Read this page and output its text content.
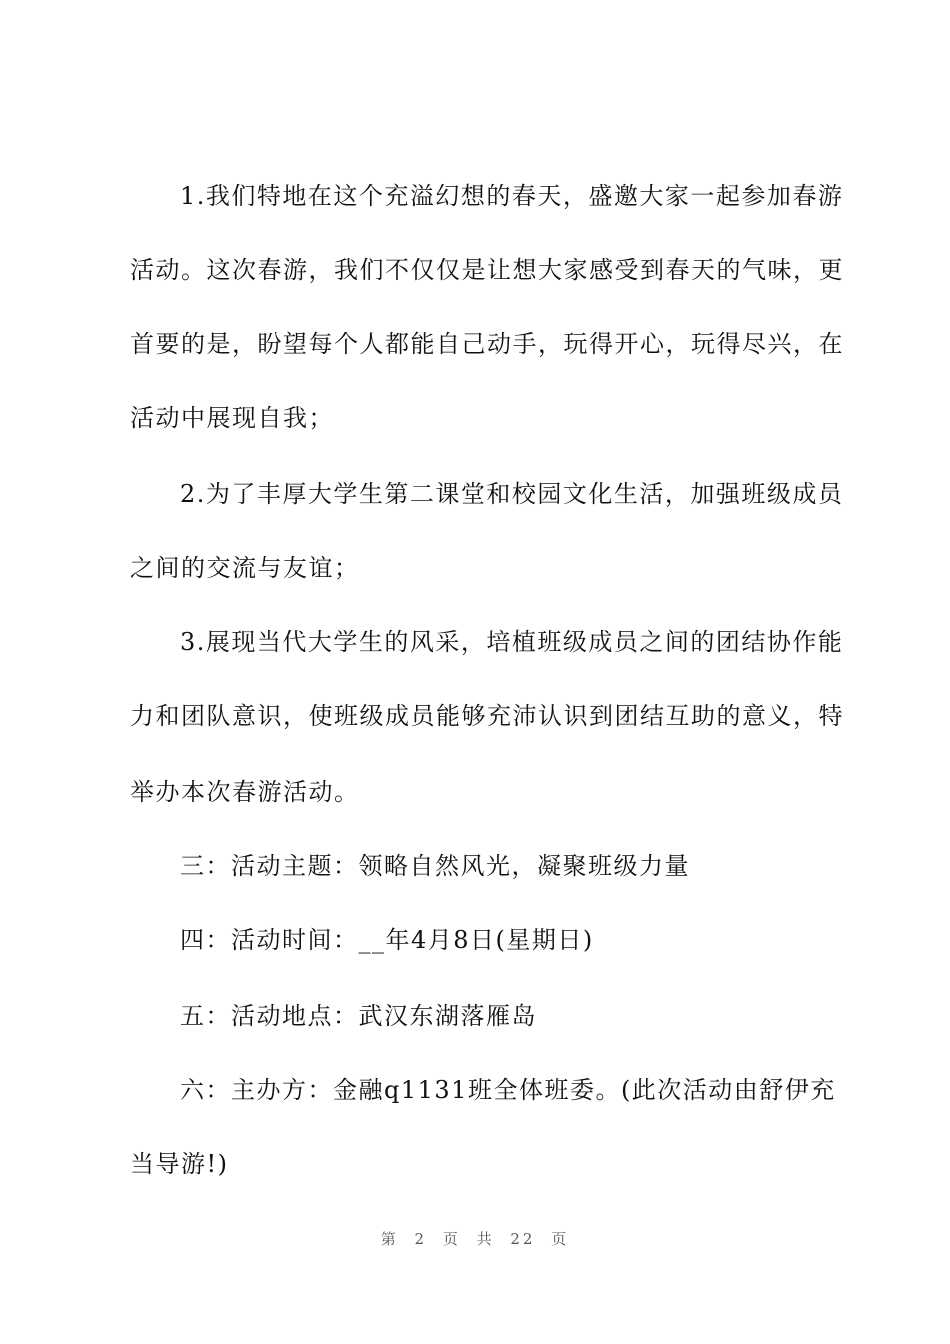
1.我们特地在这个充溢幻想的春天，盛邀大家一起参加春游
活动。这次春游，我们不仅仅是让想大家感受到春天的气味，更
首要的是，盼望每个人都能自己动手，玩得开心，玩得尽兴，在
活动中展现自我；
2.为了丰厚大学生第二课堂和校园文化生活，加强班级成员
之间的交流与友谊；
3.展现当代大学生的风采，培植班级成员之间的团结协作能
力和团队意识，使班级成员能够充沛认识到团结互助的意义，特
举办本次春游活动。
三：活动主题：领略自然风光，凝聚班级力量
四：活动时间：__年4月8日(星期日)
五：活动地点：武汉东湖落雁岛
六：主办方：金融q1131班全体班委。(此次活动由舒伊充
当导游!)
第 2 页 共 22 页
